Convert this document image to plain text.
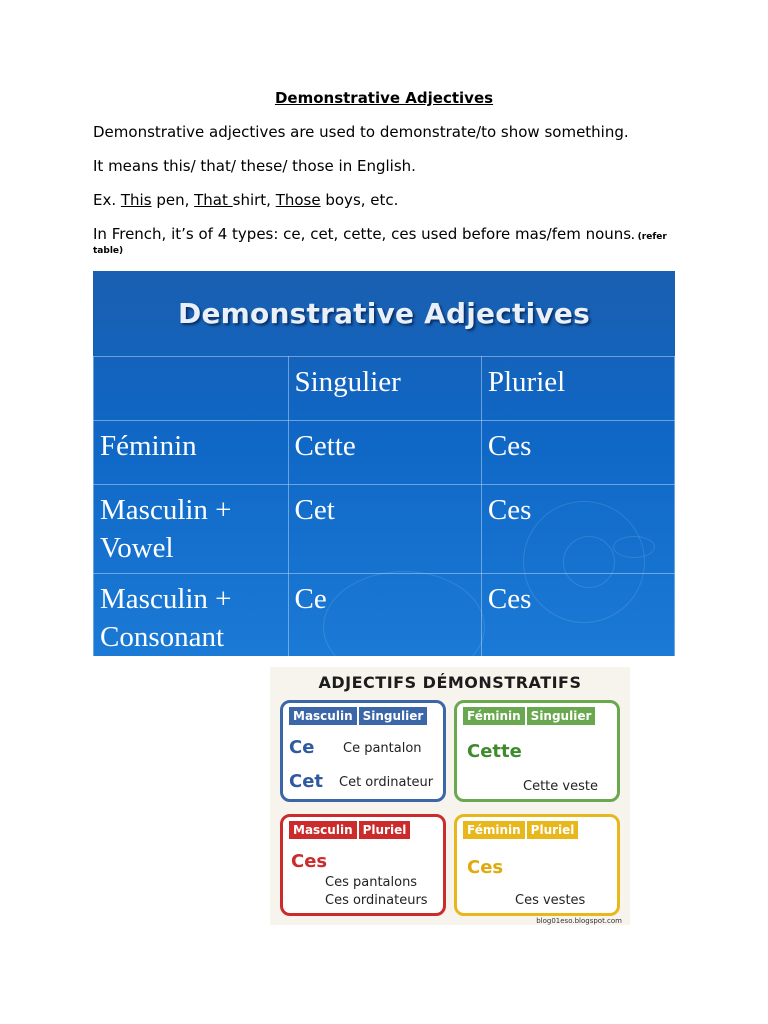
Demonstrative Adjectives
Demonstrative adjectives are used to demonstrate/to show something.
It means this/ that/ these/ those in English.
Ex. This pen, That shirt, Those boys, etc.
In French, it’s of 4 types: ce, cet, cette, ces used before mas/fem nouns. (refer
table)
Demonstrative Adjectives
	Singulier	Pluriel
Féminin	Cette	Ces
Masculin + Vowel	Cet	Ces
Masculin + Consonant	Ce	Ces
ADJECTIFS DÉMONSTRATIFS
Masculin Singulier
Ce Ce pantalon
Cet Cet ordinateur
Féminin Singulier
Cette
Cette veste
Masculin Pluriel
Ces
Ces pantalons
Ces ordinateurs
Féminin Pluriel
Ces
Ces vestes
blog01eso.blogspot.com
